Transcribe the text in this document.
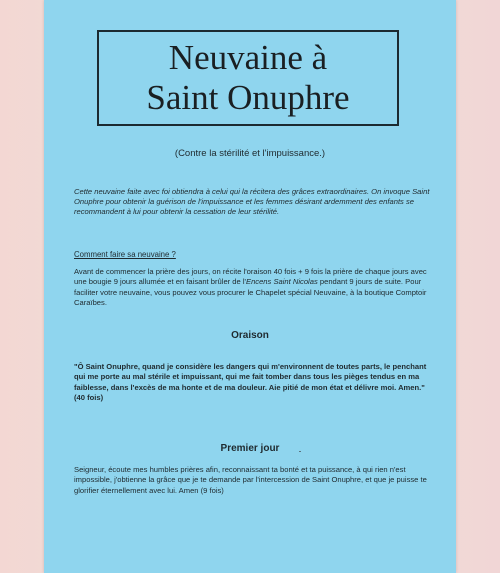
Neuvaine à
Saint Onuphre
(Contre la stérilité et l'impuissance.)
Cette neuvaine faite avec foi obtiendra à celui qui la récitera des grâces extraordinaires. On invoque Saint Onuphre pour obtenir la guérison de l'impuissance et les femmes désirant ardemment des enfants se recommandent à lui pour obtenir la cessation de leur stérilité.
Comment faire sa neuvaine ?
Avant de commencer la prière des jours, on récite l'oraison 40 fois + 9 fois la prière de chaque jours avec une bougie 9 jours allumée et en faisant brûler de l'Encens Saint Nicolas pendant 9 jours de suite. Pour faciliter votre neuvaine, vous pouvez vous procurer le Chapelet spécial Neuvaine, à la boutique Comptoir Caraïbes.
Oraison
"Ô Saint Onuphre, quand je considère les dangers qui m'environnent de toutes parts, le penchant qui me porte au mal stérile et impuissant, qui me fait tomber dans tous les pièges tendus en ma faiblesse, dans l'excès de ma honte et de ma douleur. Aie pitié de mon état et délivre moi. Amen." (40 fois)
Premier jour
Seigneur, écoute mes humbles prières afin, reconnaissant ta bonté et ta puissance, à qui rien n'est impossible, j'obtienne la grâce que je te demande par l'intercession de Saint Onuphre, et que je puisse te glorifier éternellement avec lui. Amen (9 fois)
